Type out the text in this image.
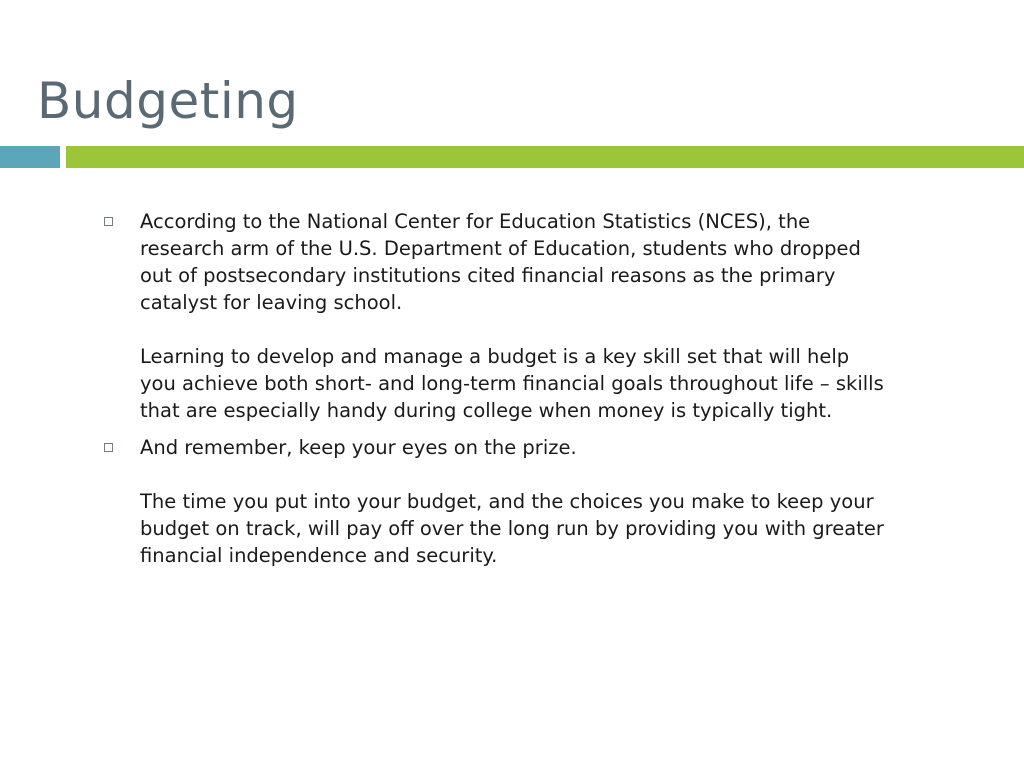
Budgeting

According to the National Center for Education Statistics (NCES), the research arm of the U.S. Department of Education, students who dropped out of postsecondary institutions cited financial reasons as the primary catalyst for leaving school.

Learning to develop and manage a budget is a key skill set that will help you achieve both short- and long-term financial goals throughout life – skills that are especially handy during college when money is typically tight.

And remember, keep your eyes on the prize.

The time you put into your budget, and the choices you make to keep your budget on track, will pay off over the long run by providing you with greater financial independence and security.
